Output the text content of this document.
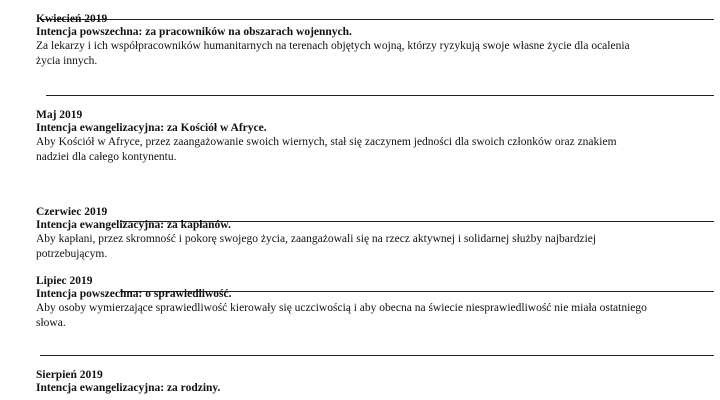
Kwiecień 2019

Intencja powszechna: za pracowników na obszarach wojennych.

Za lekarzy i ich współpracowników humanitarnych na terenach objętych wojną, którzy ryzykują swoje własne życie dla ocalenia
życia innych.

Maj 2019

Intencja ewangelizacyjna: za Kościół w Afryce.

Aby Kościół w Afryce, przez zaangażowanie swoich wiernych, stał się zaczynem jedności dla swoich członków oraz znakiem
nadziei dla całego kontynentu.

Czerwiec 2019

Intencja ewangelizacyjna: za kapłanów.

Aby kapłani, przez skromność i pokorę swojego życia, zaangażowali się na rzecz aktywnej i solidarnej służby najbardziej
potrzebującym.

Lipiec 2019

Intencja powszechna: o sprawiedliwość.

Aby osoby wymierzające sprawiedliwość kierowały się uczciwością i aby obecna na świecie niesprawiedliwość nie miała ostatniego
słowa.

Sierpień 2019

Intencja ewangelizacyjna: za rodziny.
